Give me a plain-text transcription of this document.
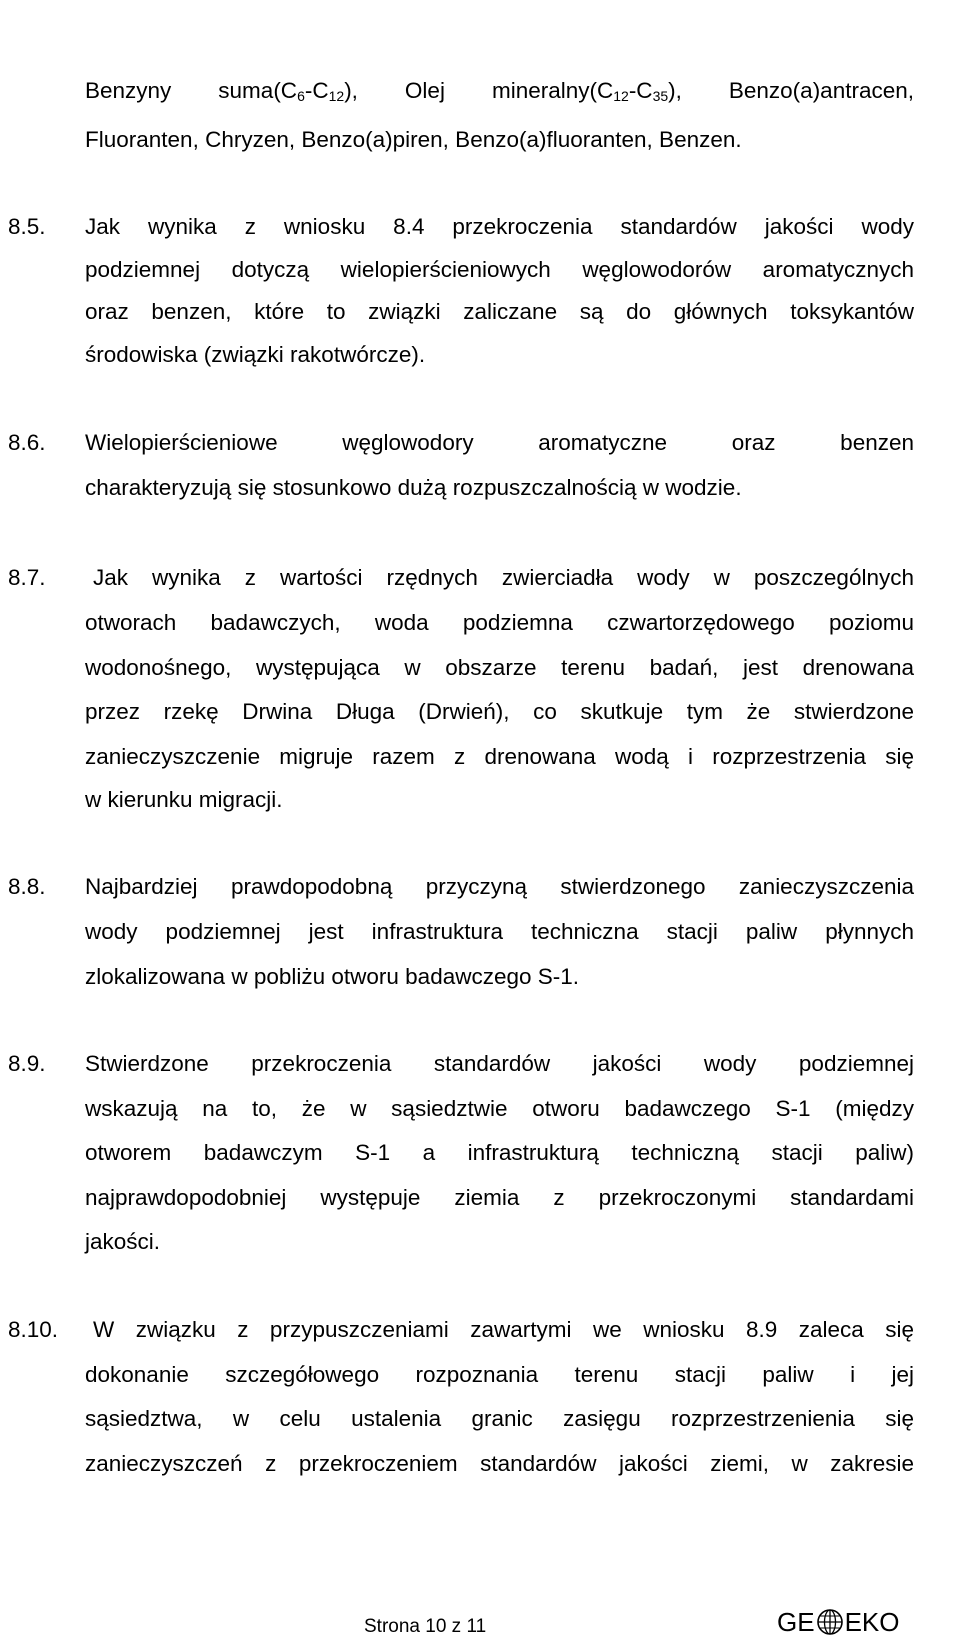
Benzyny $suma(C_6-C_{12})$, Olej $mineralny(C_{12}-C_{35})$, Benzo(a)antracen,
Fluoranten, Chryzen, Benzo(a)piren, Benzo(a)fluoranten, Benzen.
8.5.	Jak wynika z wniosku 8.4 przekroczenia standardów jakości wody
podziemnej dotyczą wielopierścieniowych węglowodorów aromatycznych
oraz benzen, które to związki zaliczane są do głównych toksykantów
środowiska (związki rakotwórcze).
8.6.	Wielopierścieniowe węglowodory aromatyczne oraz benzen
charakteryzują się stosunkowo dużą rozpuszczalnością w wodzie.
8.7.	Jak wynika z wartości rzędnych zwierciadła wody w poszczególnych
otworach badawczych, woda podziemna czwartorzędowego poziomu
wodonośnego, występująca w obszarze terenu badań, jest drenowana
przez rzekę Drwina Długa (Drwień), co skutkuje tym że stwierdzone
zanieczyszczenie migruje razem z drenowana wodą i rozprzestrzenia się
w kierunku migracji.
8.8.	Najbardziej prawdopodobną przyczyną stwierdzonego zanieczyszczenia
wody podziemnej jest infrastruktura techniczna stacji paliw płynnych
zlokalizowana w pobliżu otworu badawczego S-1.
8.9.	Stwierdzone przekroczenia standardów jakości wody podziemnej
wskazują na to, że w sąsiedztwie otworu badawczego S-1 (między
otworem badawczym S-1 a infrastrukturą techniczną stacji paliw)
najprawdopodobniej występuje ziemia z przekroczonymi standardami
jakości.
8.10.	W związku z przypuszczeniami zawartymi we wniosku 8.9 zaleca się
dokonanie szczegółowego rozpoznania terenu stacji paliw i jej
sąsiedztwa, w celu ustalenia granic zasięgu rozprzestrzenienia się
zanieczyszczeń z przekroczeniem standardów jakości ziemi, w zakresie
Strona 10 z 11	GE EKO
